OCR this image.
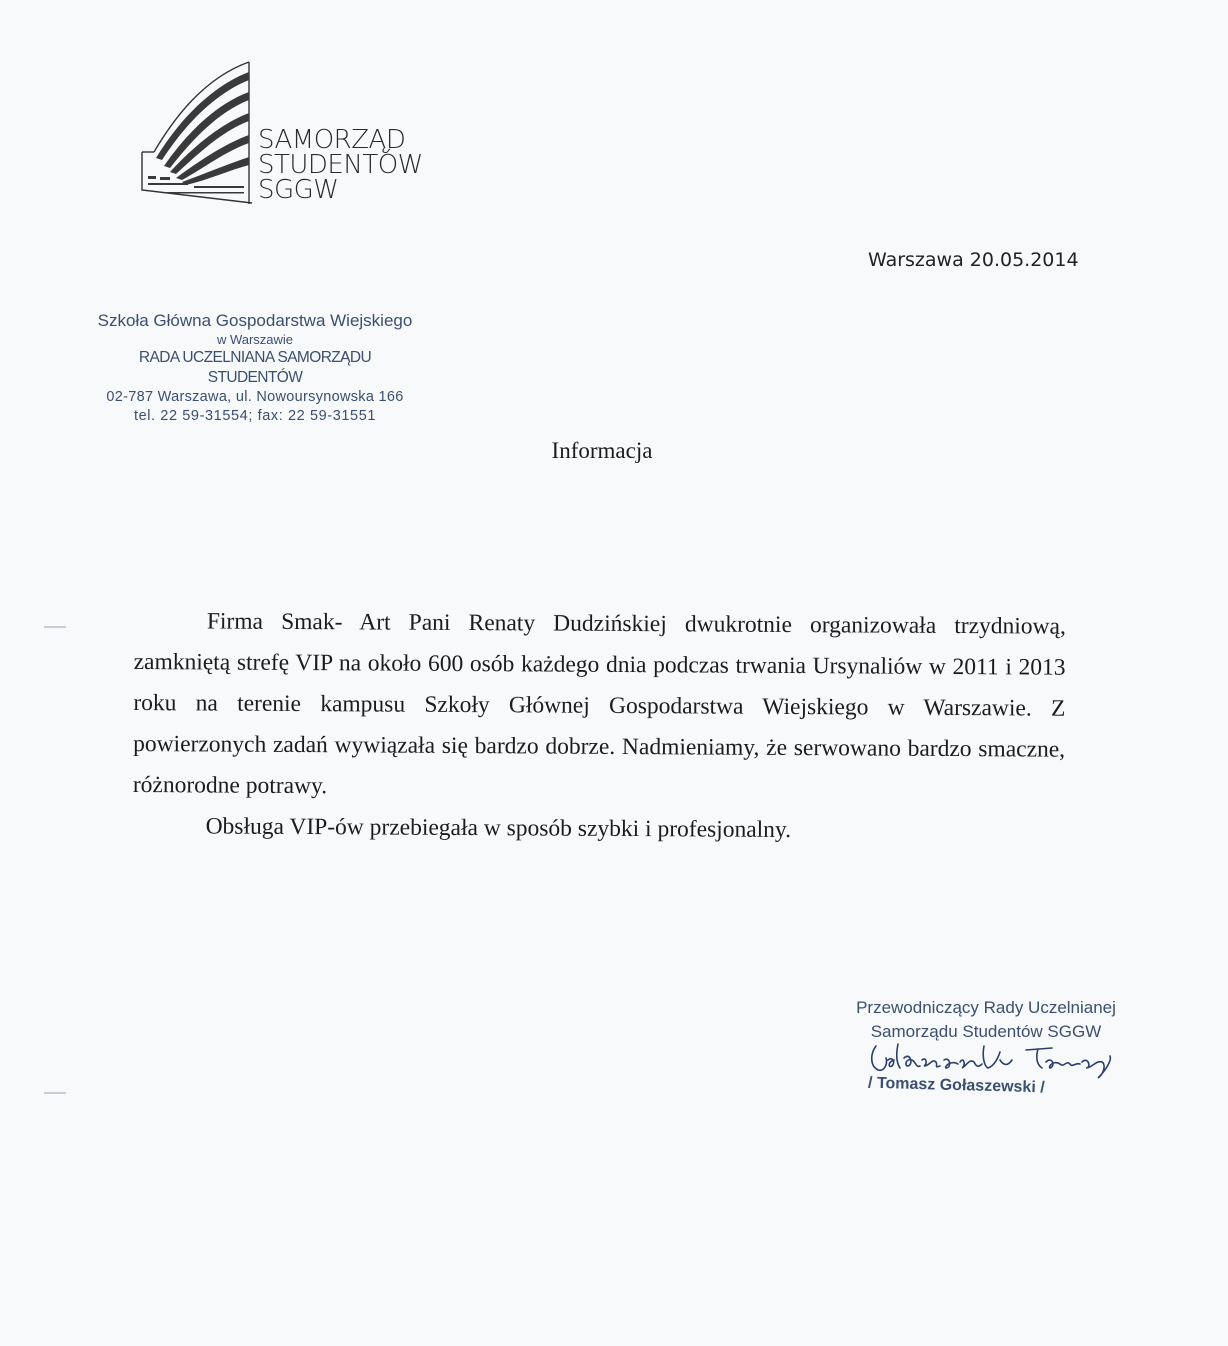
SAMORZĄD
STUDENTÓW
SGGW
Warszawa 20.05.2014
Szkoła Główna Gospodarstwa Wiejskiego
w Warszawie
RADA UCZELNIANA SAMORZĄDU STUDENTÓW
02-787 Warszawa, ul. Nowoursynowska 166
tel. 22 59-31554; fax: 22 59-31551
Informacja

Firma Smak- Art Pani Renaty Dudzińskiej dwukrotnie organizowała trzydniową, zamkniętą strefę VIP na około 600 osób każdego dnia podczas trwania Ursynaliów w 2011 i 2013 roku na terenie kampusu Szkoły Głównej Gospodarstwa Wiejskiego w Warszawie. Z powierzonych zadań wywiązała się bardzo dobrze. Nadmieniamy, że serwowano bardzo smaczne, różnorodne potrawy.

Obsługa VIP-ów przebiegała w sposób szybki i profesjonalny.

Przewodniczący Rady Uczelnianej
Samorządu Studentów SGGW
/ Tomasz Gołaszewski /
